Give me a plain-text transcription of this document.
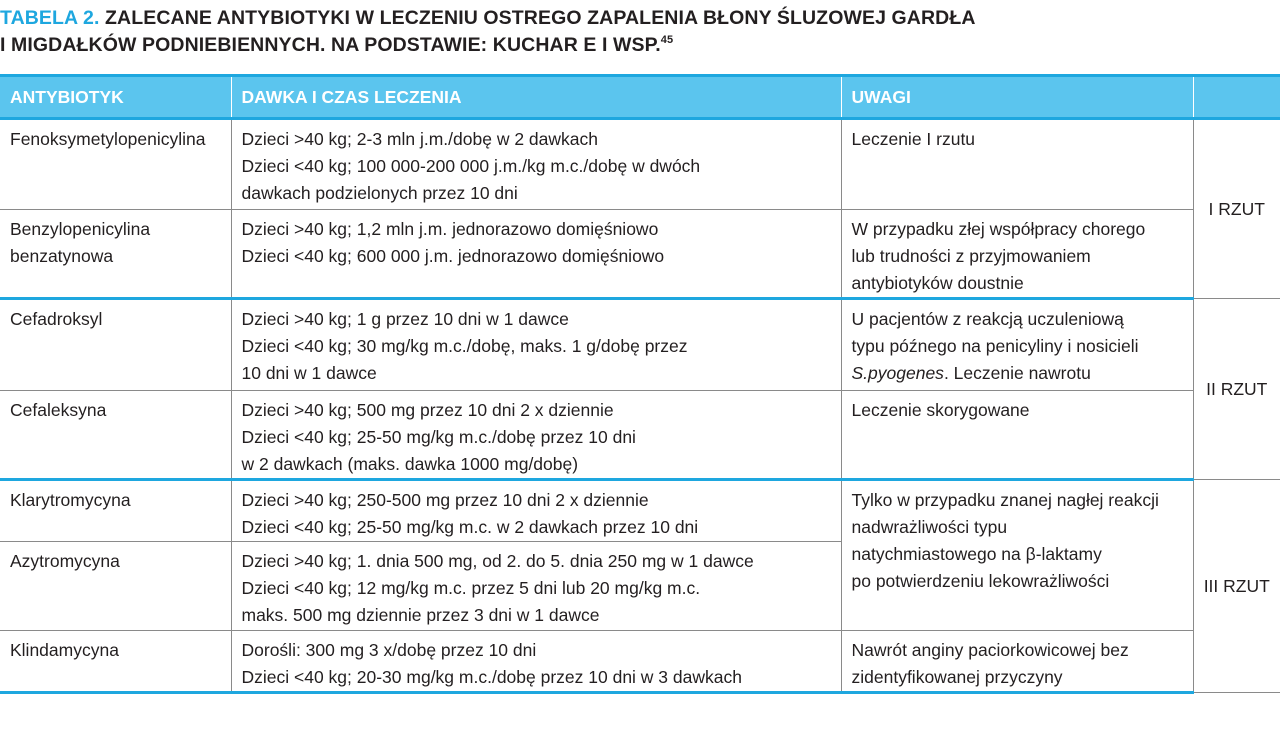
TABELA 2. ZALECANE ANTYBIOTYKI W LECZENIU OSTREGO ZAPALENIA BŁONY ŚLUZOWEJ GARDŁA
I MIGDAŁKÓW PODNIEBIENNYCH. NA PODSTAWIE: KUCHAR E I WSP.$^{45}$
ANTYBIOTYK	DAWKA I CZAS LECZENIA	UWAGI	

Fenoksymetylopenicylina	Dzieci >40 kg; 2-3 mln j.m./dobę w 2 dawkach
Dzieci <40 kg; 100 000-200 000 j.m./kg m.c./dobę w dwóch
dawkach podzielonych przez 10 dni	Leczenie I rzutu	I RZUT

Benzylopenicylina
benzatynowa	Dzieci >40 kg; 1,2 mln j.m. jednorazowo domięśniowo
Dzieci <40 kg; 600 000 j.m. jednorazowo domięśniowo	W przypadku złej współpracy chorego
lub trudności z przyjmowaniem
antybiotyków doustnie	

Cefadroksyl	Dzieci >40 kg; 1 g przez 10 dni w 1 dawce
Dzieci <40 kg; 30 mg/kg m.c./dobę, maks. 1 g/dobę przez
10 dni w 1 dawce	U pacjentów z reakcją uczuleniową
typu późnego na penicyliny i nosicieli
S.pyogenes. Leczenie nawrotu	II RZUT

Cefaleksyna	Dzieci >40 kg; 500 mg przez 10 dni 2 x dziennie
Dzieci <40 kg; 25-50 mg/kg m.c./dobę przez 10 dni
w 2 dawkach (maks. dawka 1000 mg/dobę)	Leczenie skorygowane	

Klarytromycyna	Dzieci >40 kg; 250-500 mg przez 10 dni 2 x dziennie
Dzieci <40 kg; 25-50 mg/kg m.c. w 2 dawkach przez 10 dni	Tylko w przypadku znanej nagłej reakcji
nadwrażliwości typu
natychmiastowego na β-laktamy
po potwierdzeniu lekowrażliwości	III RZUT

Azytromycyna	Dzieci >40 kg; 1. dnia 500 mg, od 2. do 5. dnia 250 mg w 1 dawce
Dzieci <40 kg; 12 mg/kg m.c. przez 5 dni lub 20 mg/kg m.c.
maks. 500 mg dziennie przez 3 dni w 1 dawce		

Klindamycyna	Dorośli: 300 mg 3 x/dobę przez 10 dni
Dzieci <40 kg; 20-30 mg/kg m.c./dobę przez 10 dni w 3 dawkach	Nawrót anginy paciorkowicowej bez
zidentyfikowanej przyczyny	
